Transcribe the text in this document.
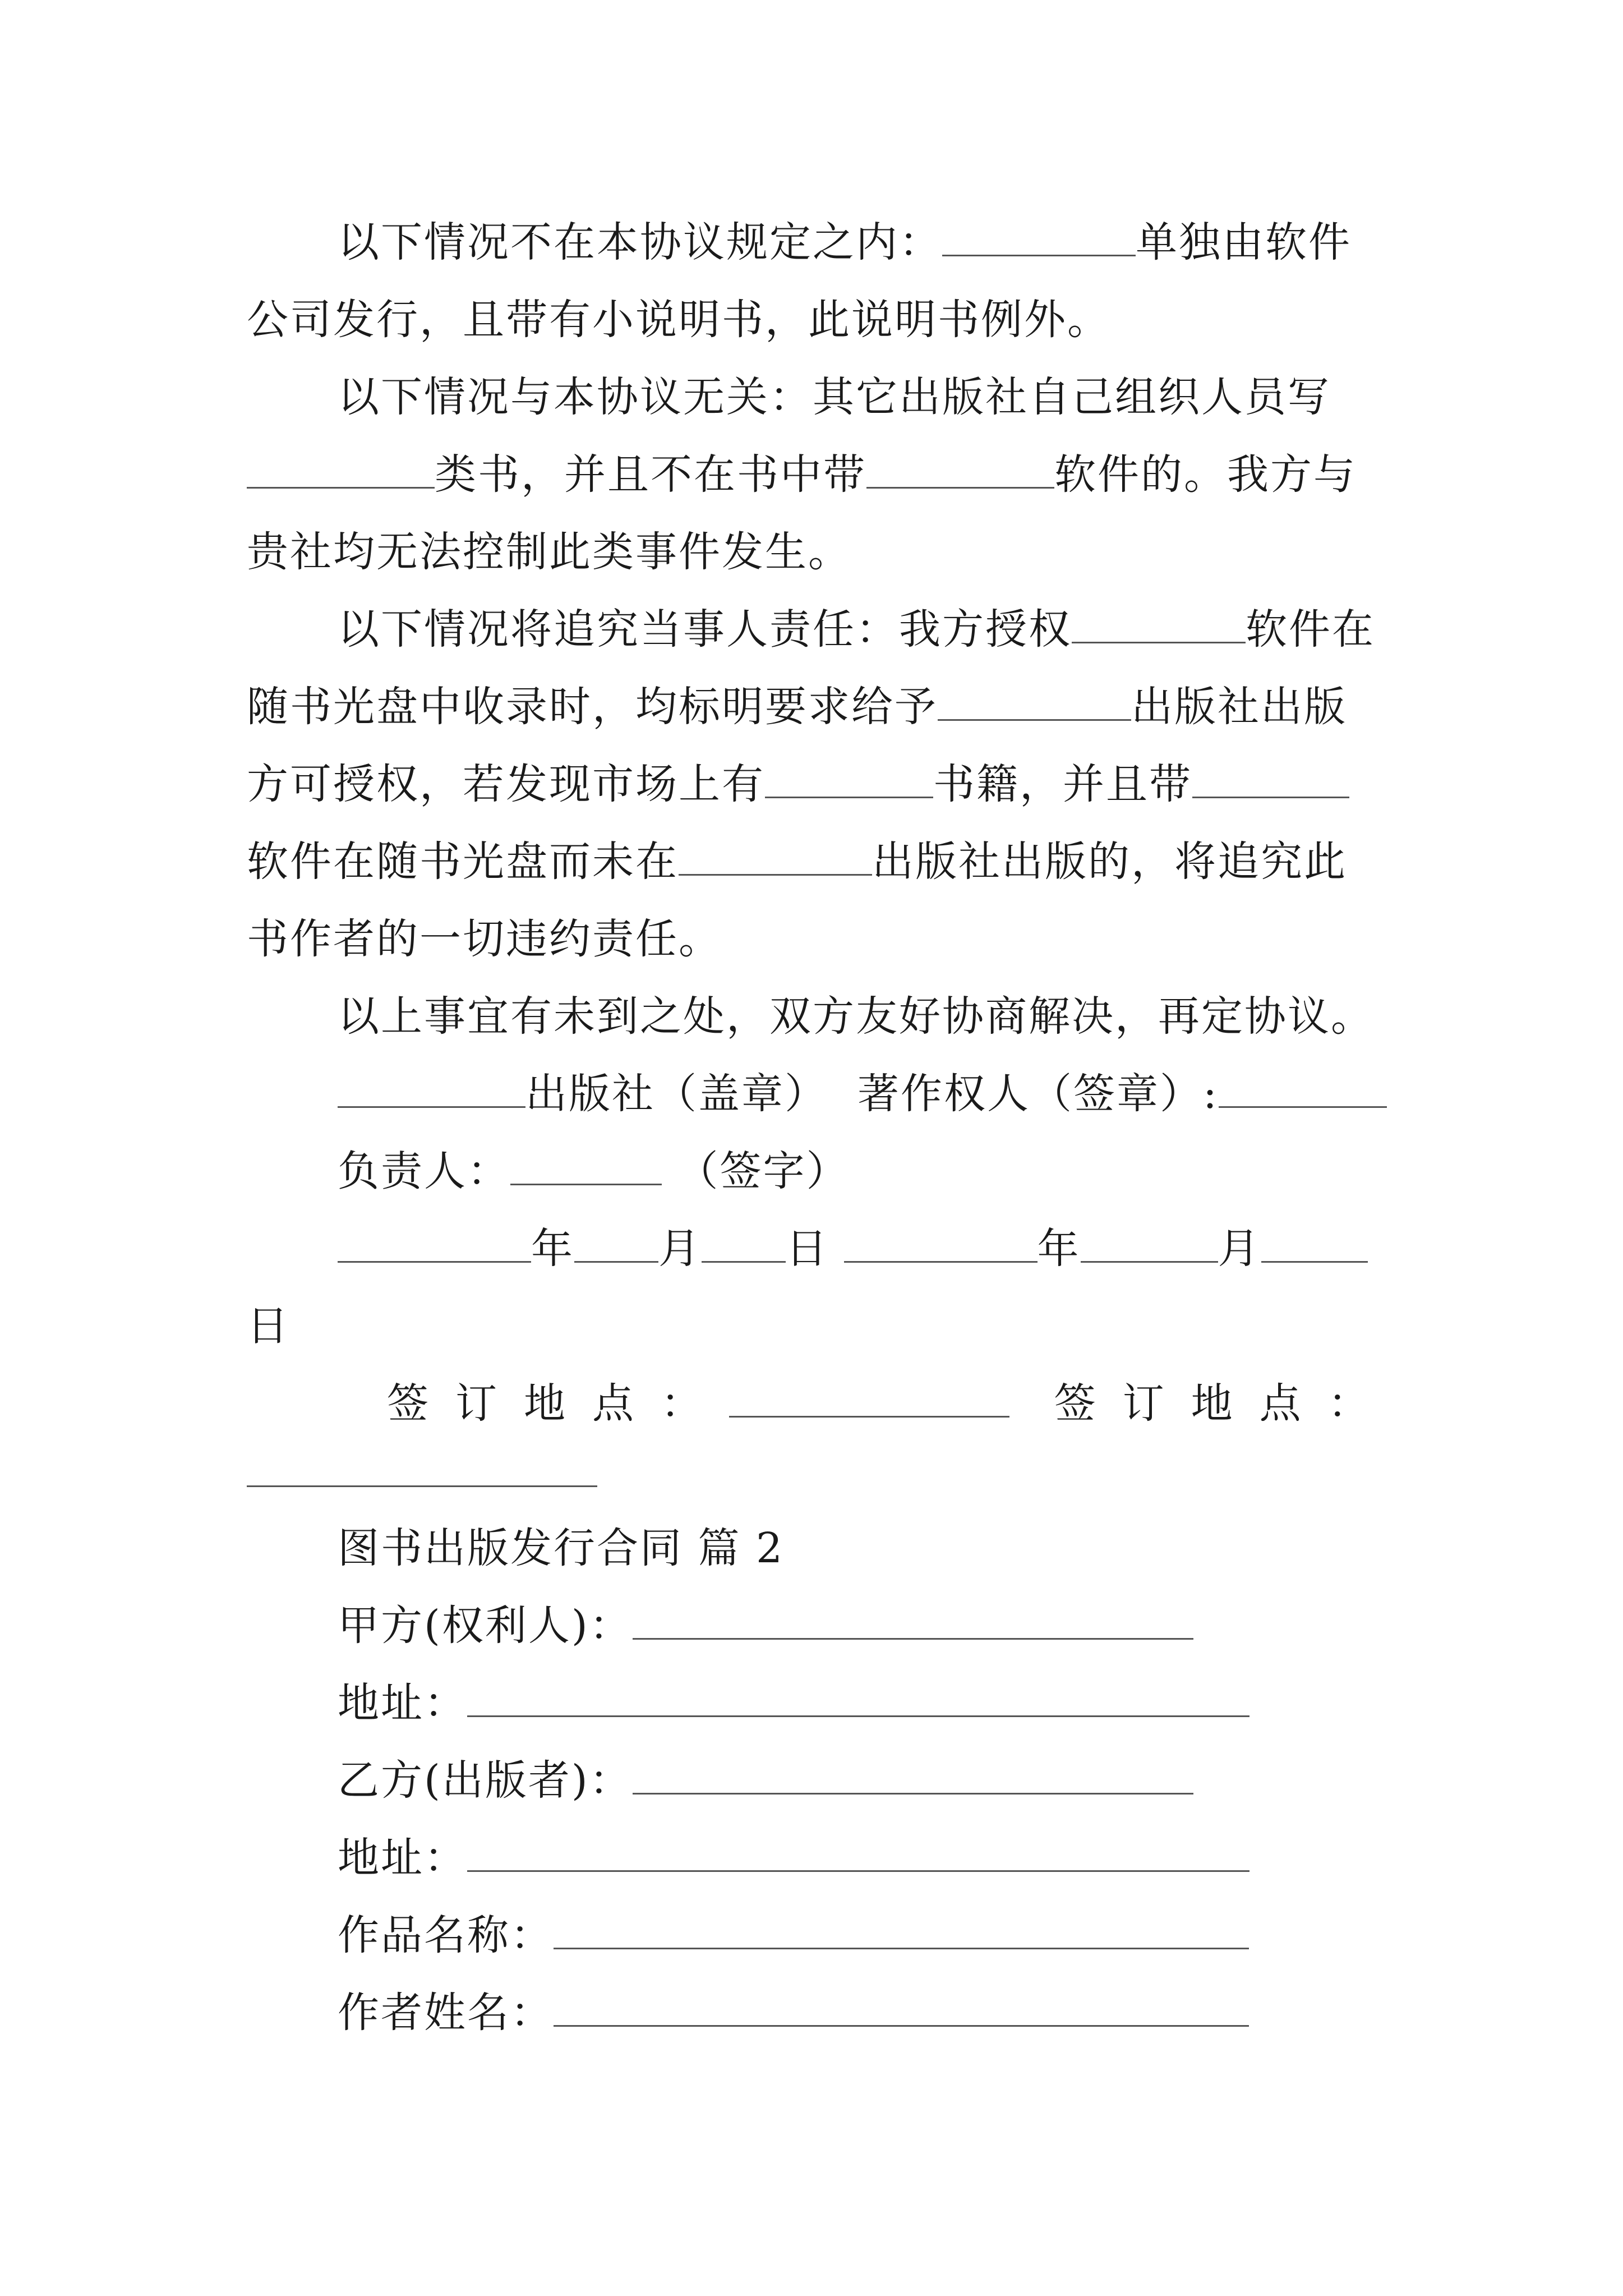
以下情况不在本协议规定之内：	单独由软件
公司发行，且带有小说明书，此说明书例外。
以下情况与本协议无关：其它出版社自己组织人员写
类书，并且不在书中带	软件的。我方与
贵社均无法控制此类事件发生。
以下情况将追究当事人责任：我方授权	软件在
随书光盘中收录时，均标明要求给予	出版社出版
方可授权，若发现市场上有	书籍，并且带
软件在随书光盘而未在	出版社出版的，将追究此
书作者的一切违约责任。
以上事宜有未到之处，双方友好协商解决，再定协议。
出版社（盖章） 著作权人（签章）:
负责人：	（签字）
年 月 日	年	月
日
签订地点：	签订地点：
图书出版发行合同 篇 2
甲方(权利人)：
地址：
乙方(出版者)：
地址：
作品名称：
作者姓名：
